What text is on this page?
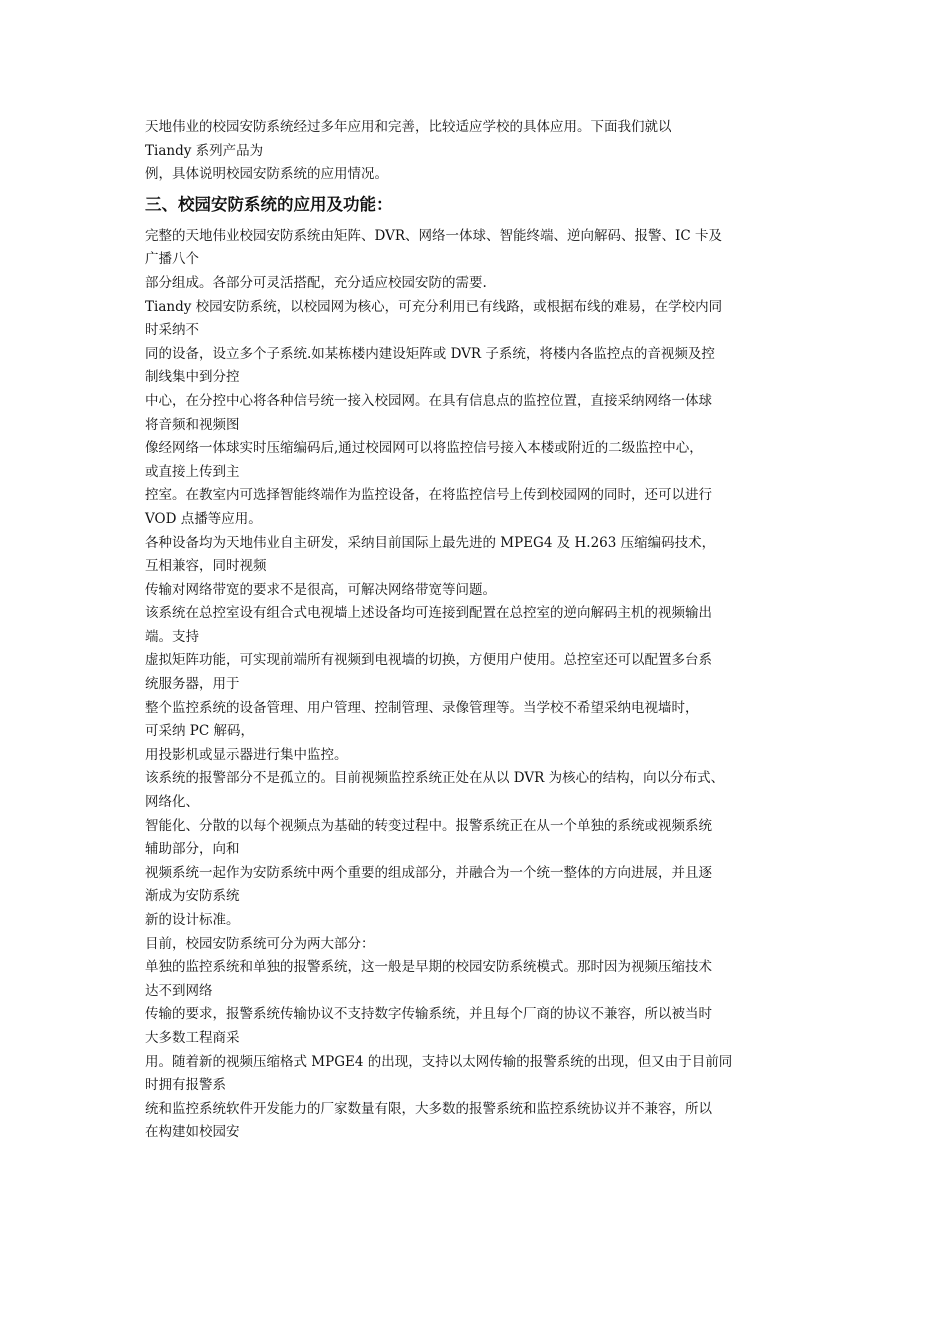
天地伟业的校园安防系统经过多年应用和完善，比较适应学校的具体应用。下面我们就以

Tiandy 系列产品为

例，具体说明校园安防系统的应用情况。

三、校园安防系统的应用及功能：

完整的天地伟业校园安防系统由矩阵、DVR、网络一体球、智能终端、逆向解码、报警、IC 卡及

广播八个

部分组成。各部分可灵活搭配，充分适应校园安防的需要.

Tiandy 校园安防系统，以校园网为核心，可充分利用已有线路，或根据布线的难易，在学校内同

时采纳不

同的设备，设立多个子系统.如某栋楼内建设矩阵或 DVR 子系统，将楼内各监控点的音视频及控

制线集中到分控

中心，在分控中心将各种信号统一接入校园网。在具有信息点的监控位置，直接采纳网络一体球

将音频和视频图

像经网络一体球实时压缩编码后,通过校园网可以将监控信号接入本楼或附近的二级监控中心，

或直接上传到主

控室。在教室内可选择智能终端作为监控设备，在将监控信号上传到校园网的同时，还可以进行

VOD 点播等应用。

各种设备均为天地伟业自主研发，采纳目前国际上最先进的 MPEG4 及 H.263 压缩编码技术，

互相兼容，同时视频

传输对网络带宽的要求不是很高，可解决网络带宽等问题。

该系统在总控室设有组合式电视墙上述设备均可连接到配置在总控室的逆向解码主机的视频输出

端。支持

虚拟矩阵功能，可实现前端所有视频到电视墙的切换，方便用户使用。总控室还可以配置多台系

统服务器，用于

整个监控系统的设备管理、用户管理、控制管理、录像管理等。当学校不希望采纳电视墙时，

可采纳 PC 解码，

用投影机或显示器进行集中监控。

该系统的报警部分不是孤立的。目前视频监控系统正处在从以 DVR 为核心的结构，向以分布式、

网络化、

智能化、分散的以每个视频点为基础的转变过程中。报警系统正在从一个单独的系统或视频系统

辅助部分，向和

视频系统一起作为安防系统中两个重要的组成部分，并融合为一个统一整体的方向进展，并且逐

渐成为安防系统

新的设计标准。

目前，校园安防系统可分为两大部分：

单独的监控系统和单独的报警系统，这一般是早期的校园安防系统模式。那时因为视频压缩技术

达不到网络

传输的要求，报警系统传输协议不支持数字传输系统，并且每个厂商的协议不兼容，所以被当时

大多数工程商采

用。随着新的视频压缩格式 MPGE4 的出现，支持以太网传输的报警系统的出现，但又由于目前同

时拥有报警系

统和监控系统软件开发能力的厂家数量有限，大多数的报警系统和监控系统协议并不兼容，所以

在构建如校园安
